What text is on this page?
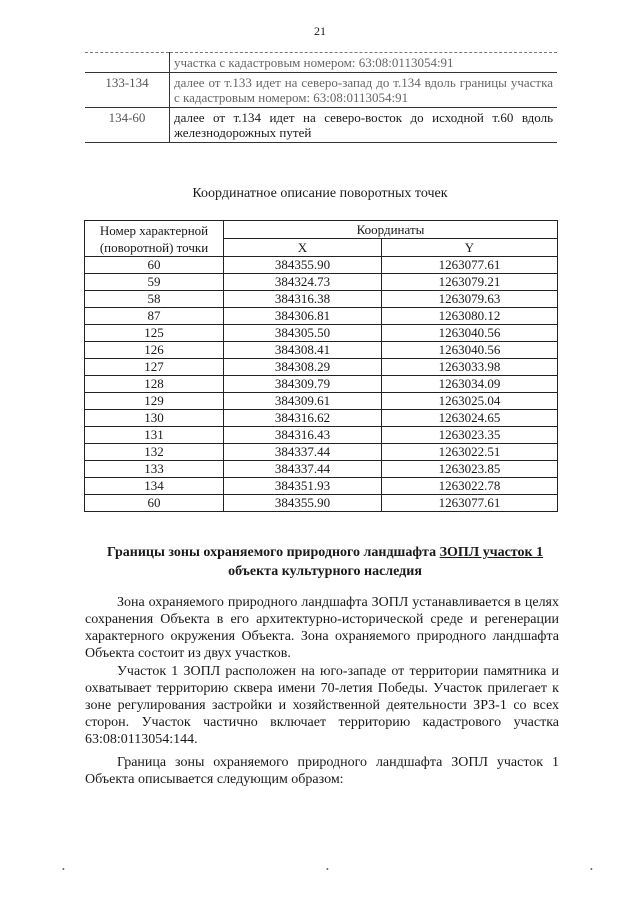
21
	участка с кадастровым номером: 63:08:0113054:91
133-134	далее от т.133 идет на северо-запад до т.134 вдоль границы участка с кадастровым номером: 63:08:0113054:91
134-60	далее от т.134 идет на северо-восток до исходной т.60 вдоль железнодорожных путей
Координатное описание поворотных точек
Номер характерной (поворотной) точки	Координаты	
	X	Y
60	384355.90	1263077.61
59	384324.73	1263079.21
58	384316.38	1263079.63
87	384306.81	1263080.12
125	384305.50	1263040.56
126	384308.41	1263040.56
127	384308.29	1263033.98
128	384309.79	1263034.09
129	384309.61	1263025.04
130	384316.62	1263024.65
131	384316.43	1263023.35
132	384337.44	1263022.51
133	384337.44	1263023.85
134	384351.93	1263022.78
60	384355.90	1263077.61
Границы зоны охраняемого природного ландшафта ЗОПЛ участок 1 объекта культурного наследия

Зона охраняемого природного ландшафта ЗОПЛ устанавливается в целях сохранения Объекта в его архитектурно-исторической среде и регенерации характерного окружения Объекта. Зона охраняемого природного ландшафта Объекта состоит из двух участков.

Участок 1 ЗОПЛ расположен на юго-западе от территории памятника и охватывает территорию сквера имени 70-летия Победы. Участок прилегает к зоне регулирования застройки и хозяйственной деятельности ЗРЗ-1 со всех сторон. Участок частично включает территорию кадастрового участка 63:08:0113054:144.

Граница зоны охраняемого природного ландшафта ЗОПЛ участок 1 Объекта описывается следующим образом:

•	•	•
